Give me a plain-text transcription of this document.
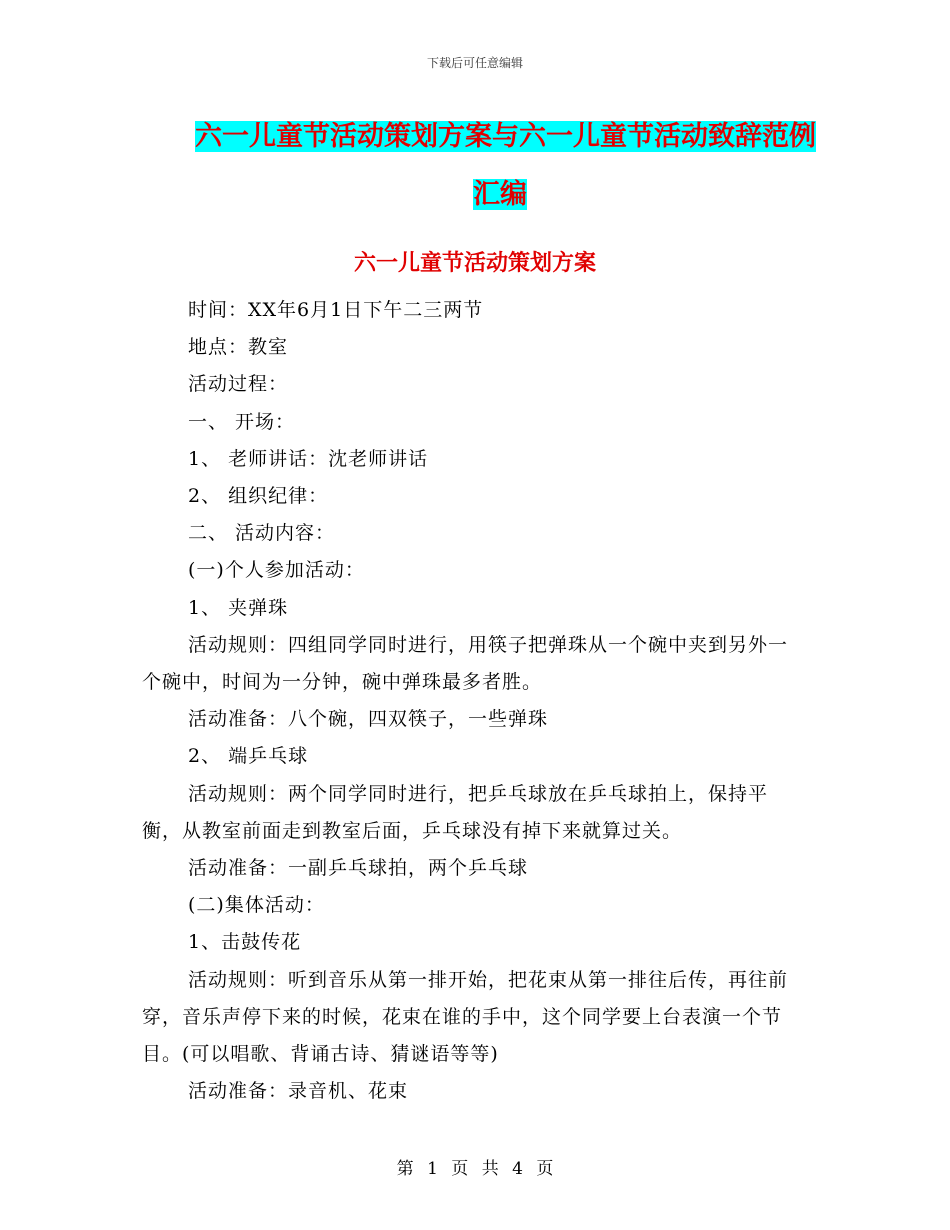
下载后可任意编辑
六一儿童节活动策划方案与六一儿童节活动致辞范例
汇编
六一儿童节活动策划方案

时间：XX年6月1日下午二三两节

地点：教室

活动过程：

一、 开场：

1、 老师讲话：沈老师讲话

2、 组织纪律：

二、 活动内容：

(一)个人参加活动：

1、 夹弹珠

活动规则：四组同学同时进行，用筷子把弹珠从一个碗中夹到另外一个碗中，时间为一分钟，碗中弹珠最多者胜。

活动准备：八个碗，四双筷子，一些弹珠

2、 端乒乓球

活动规则：两个同学同时进行，把乒乓球放在乒乓球拍上，保持平衡，从教室前面走到教室后面，乒乓球没有掉下来就算过关。

活动准备：一副乒乓球拍，两个乒乓球

(二)集体活动：

1、击鼓传花

活动规则：听到音乐从第一排开始，把花束从第一排往后传，再往前穿，音乐声停下来的时候，花束在谁的手中，这个同学要上台表演一个节目。(可以唱歌、背诵古诗、猜谜语等等)

活动准备：录音机、花束

第 1 页 共 4 页
